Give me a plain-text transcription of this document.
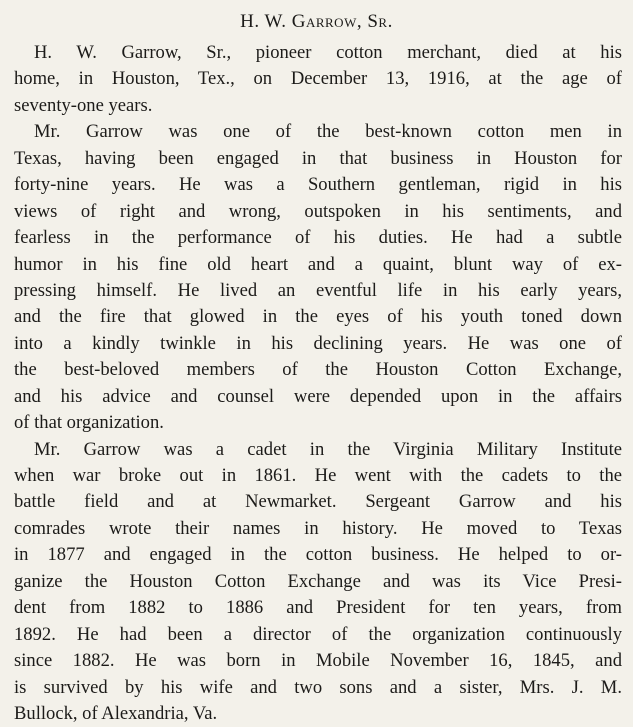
H. W. Garrow, Sr.
H. W. Garrow, Sr., pioneer cotton merchant, died at his
home, in Houston, Tex., on December 13, 1916, at the age of
seventy-one years.
Mr. Garrow was one of the best-known cotton men in
Texas, having been engaged in that business in Houston for
forty-nine years. He was a Southern gentleman, rigid in his
views of right and wrong, outspoken in his sentiments, and
fearless in the performance of his duties. He had a subtle
humor in his fine old heart and a quaint, blunt way of ex-
pressing himself. He lived an eventful life in his early years,
and the fire that glowed in the eyes of his youth toned down
into a kindly twinkle in his declining years. He was one of
the best-beloved members of the Houston Cotton Exchange,
and his advice and counsel were depended upon in the affairs
of that organization.
Mr. Garrow was a cadet in the Virginia Military Institute
when war broke out in 1861. He went with the cadets to the
battle field and at Newmarket. Sergeant Garrow and his
comrades wrote their names in history. He moved to Texas
in 1877 and engaged in the cotton business. He helped to or-
ganize the Houston Cotton Exchange and was its Vice Presi-
dent from 1882 to 1886 and President for ten years, from
1892. He had been a director of the organization continuously
since 1882. He was born in Mobile November 16, 1845, and
is survived by his wife and two sons and a sister, Mrs. J. M.
Bullock, of Alexandria, Va.
